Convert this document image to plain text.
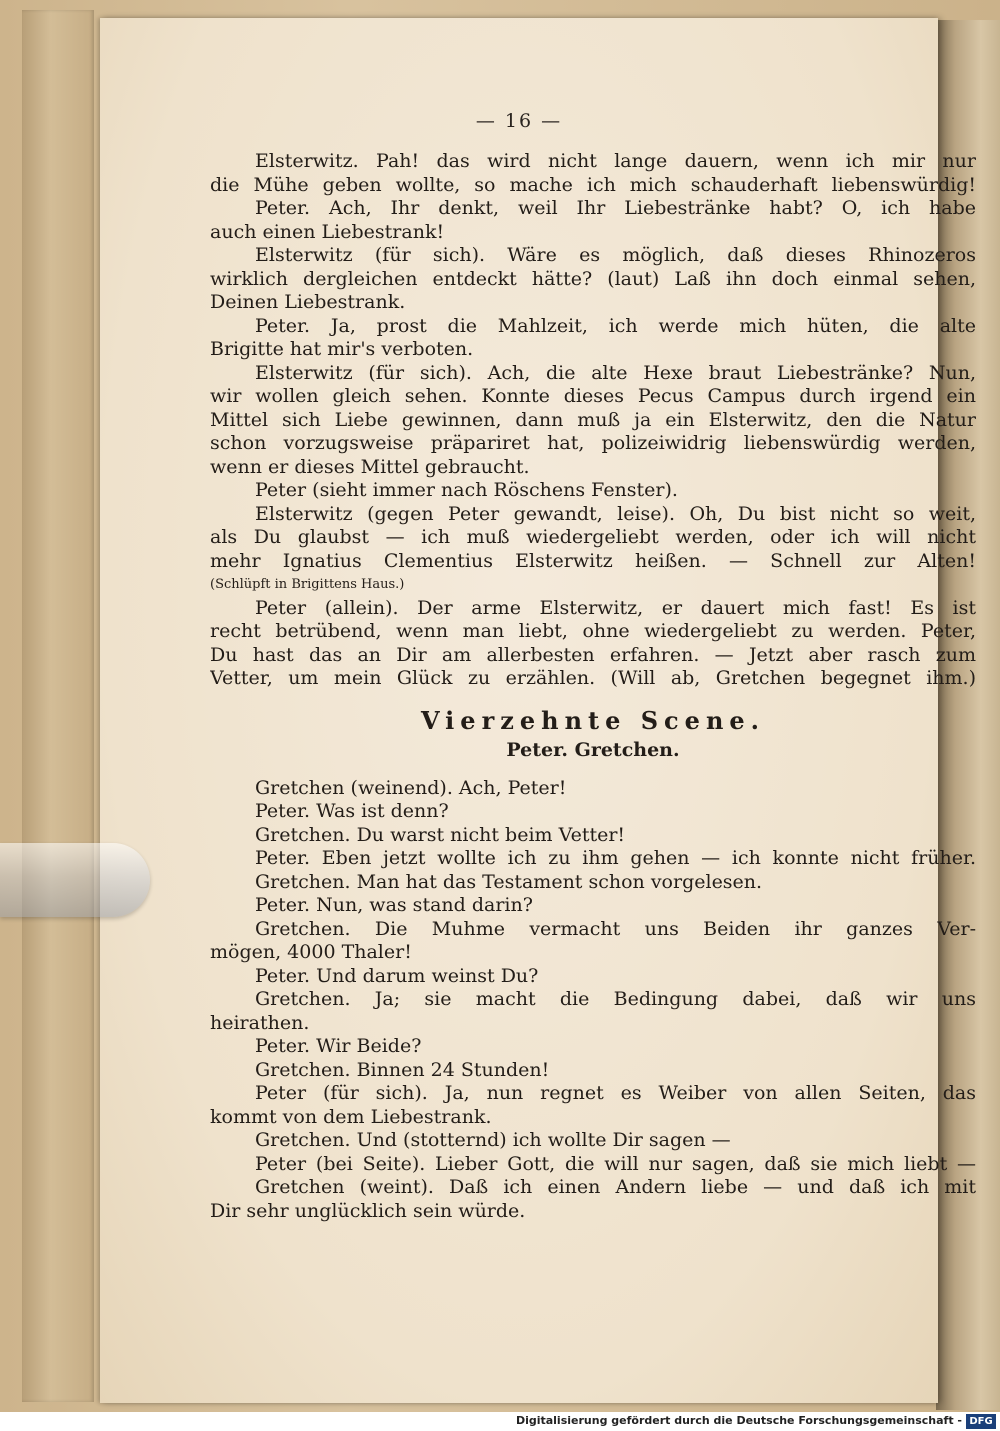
— 16 —
Elsterwitz. Pah! das wird nicht lange dauern, wenn ich mir nur
die Mühe geben wollte, so mache ich mich schauderhaft liebenswürdig!
Peter. Ach, Ihr denkt, weil Ihr Liebestränke habt? O, ich habe
auch einen Liebestrank!
Elsterwitz (für sich). Wäre es möglich, daß dieses Rhinozeros
wirklich dergleichen entdeckt hätte? (laut) Laß ihn doch einmal sehen,
Deinen Liebestrank.
Peter. Ja, prost die Mahlzeit, ich werde mich hüten, die alte
Brigitte hat mir's verboten.
Elsterwitz (für sich). Ach, die alte Hexe braut Liebestränke? Nun,
wir wollen gleich sehen. Konnte dieses Pecus Campus durch irgend ein
Mittel sich Liebe gewinnen, dann muß ja ein Elsterwitz, den die Natur
schon vorzugsweise präpariret hat, polizeiwidrig liebenswürdig werden,
wenn er dieses Mittel gebraucht.
Peter (sieht immer nach Röschens Fenster).
Elsterwitz (gegen Peter gewandt, leise). Oh, Du bist nicht so weit,
als Du glaubst — ich muß wiedergeliebt werden, oder ich will nicht
mehr Ignatius Clementius Elsterwitz heißen. — Schnell zur Alten!
(Schlüpft in Brigittens Haus.)
Peter (allein). Der arme Elsterwitz, er dauert mich fast! Es ist
recht betrübend, wenn man liebt, ohne wiedergeliebt zu werden. Peter,
Du hast das an Dir am allerbesten erfahren. — Jetzt aber rasch zum
Vetter, um mein Glück zu erzählen. (Will ab, Gretchen begegnet ihm.)
Vierzehnte Scene.
Peter. Gretchen.
Gretchen (weinend). Ach, Peter!
Peter. Was ist denn?
Gretchen. Du warst nicht beim Vetter!
Peter. Eben jetzt wollte ich zu ihm gehen — ich konnte nicht früher.
Gretchen. Man hat das Testament schon vorgelesen.
Peter. Nun, was stand darin?
Gretchen. Die Muhme vermacht uns Beiden ihr ganzes Ver-
mögen, 4000 Thaler!
Peter. Und darum weinst Du?
Gretchen. Ja; sie macht die Bedingung dabei, daß wir uns
heirathen.
Peter. Wir Beide?
Gretchen. Binnen 24 Stunden!
Peter (für sich). Ja, nun regnet es Weiber von allen Seiten, das
kommt von dem Liebestrank.
Gretchen. Und (stotternd) ich wollte Dir sagen —
Peter (bei Seite). Lieber Gott, die will nur sagen, daß sie mich liebt —
Gretchen (weint). Daß ich einen Andern liebe — und daß ich mit
Dir sehr unglücklich sein würde.
Digitalisierung gefördert durch die Deutsche Forschungsgemeinschaft - DFG
